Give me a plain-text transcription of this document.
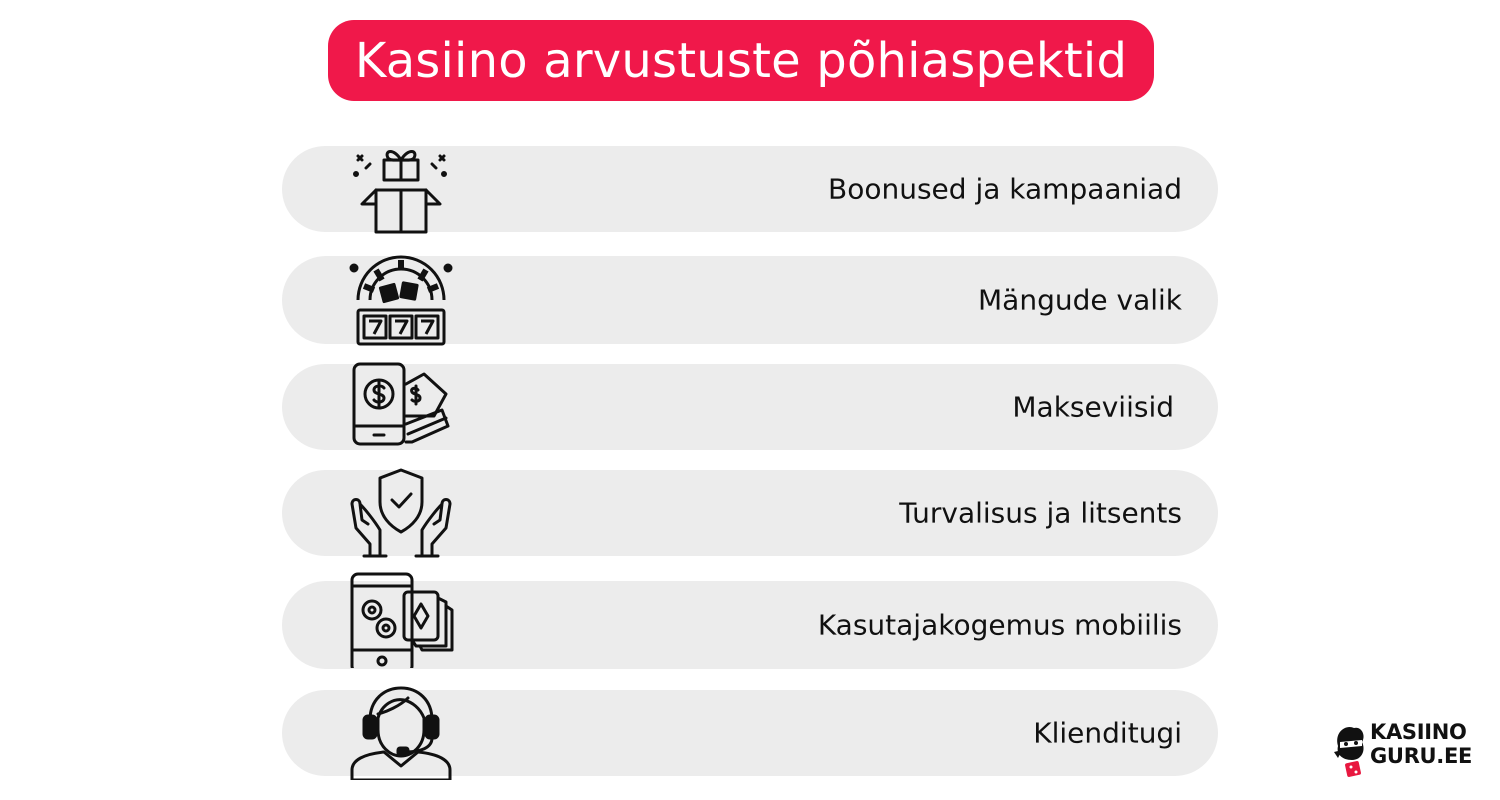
Kasiino arvustuste põhiaspektid
Boonused ja kampaaniad
Mängude valik
Makseviisid
Turvalisus ja litsents
Kasutajakogemus mobiilis
Klienditugi	KASIINO
GURU.EE
